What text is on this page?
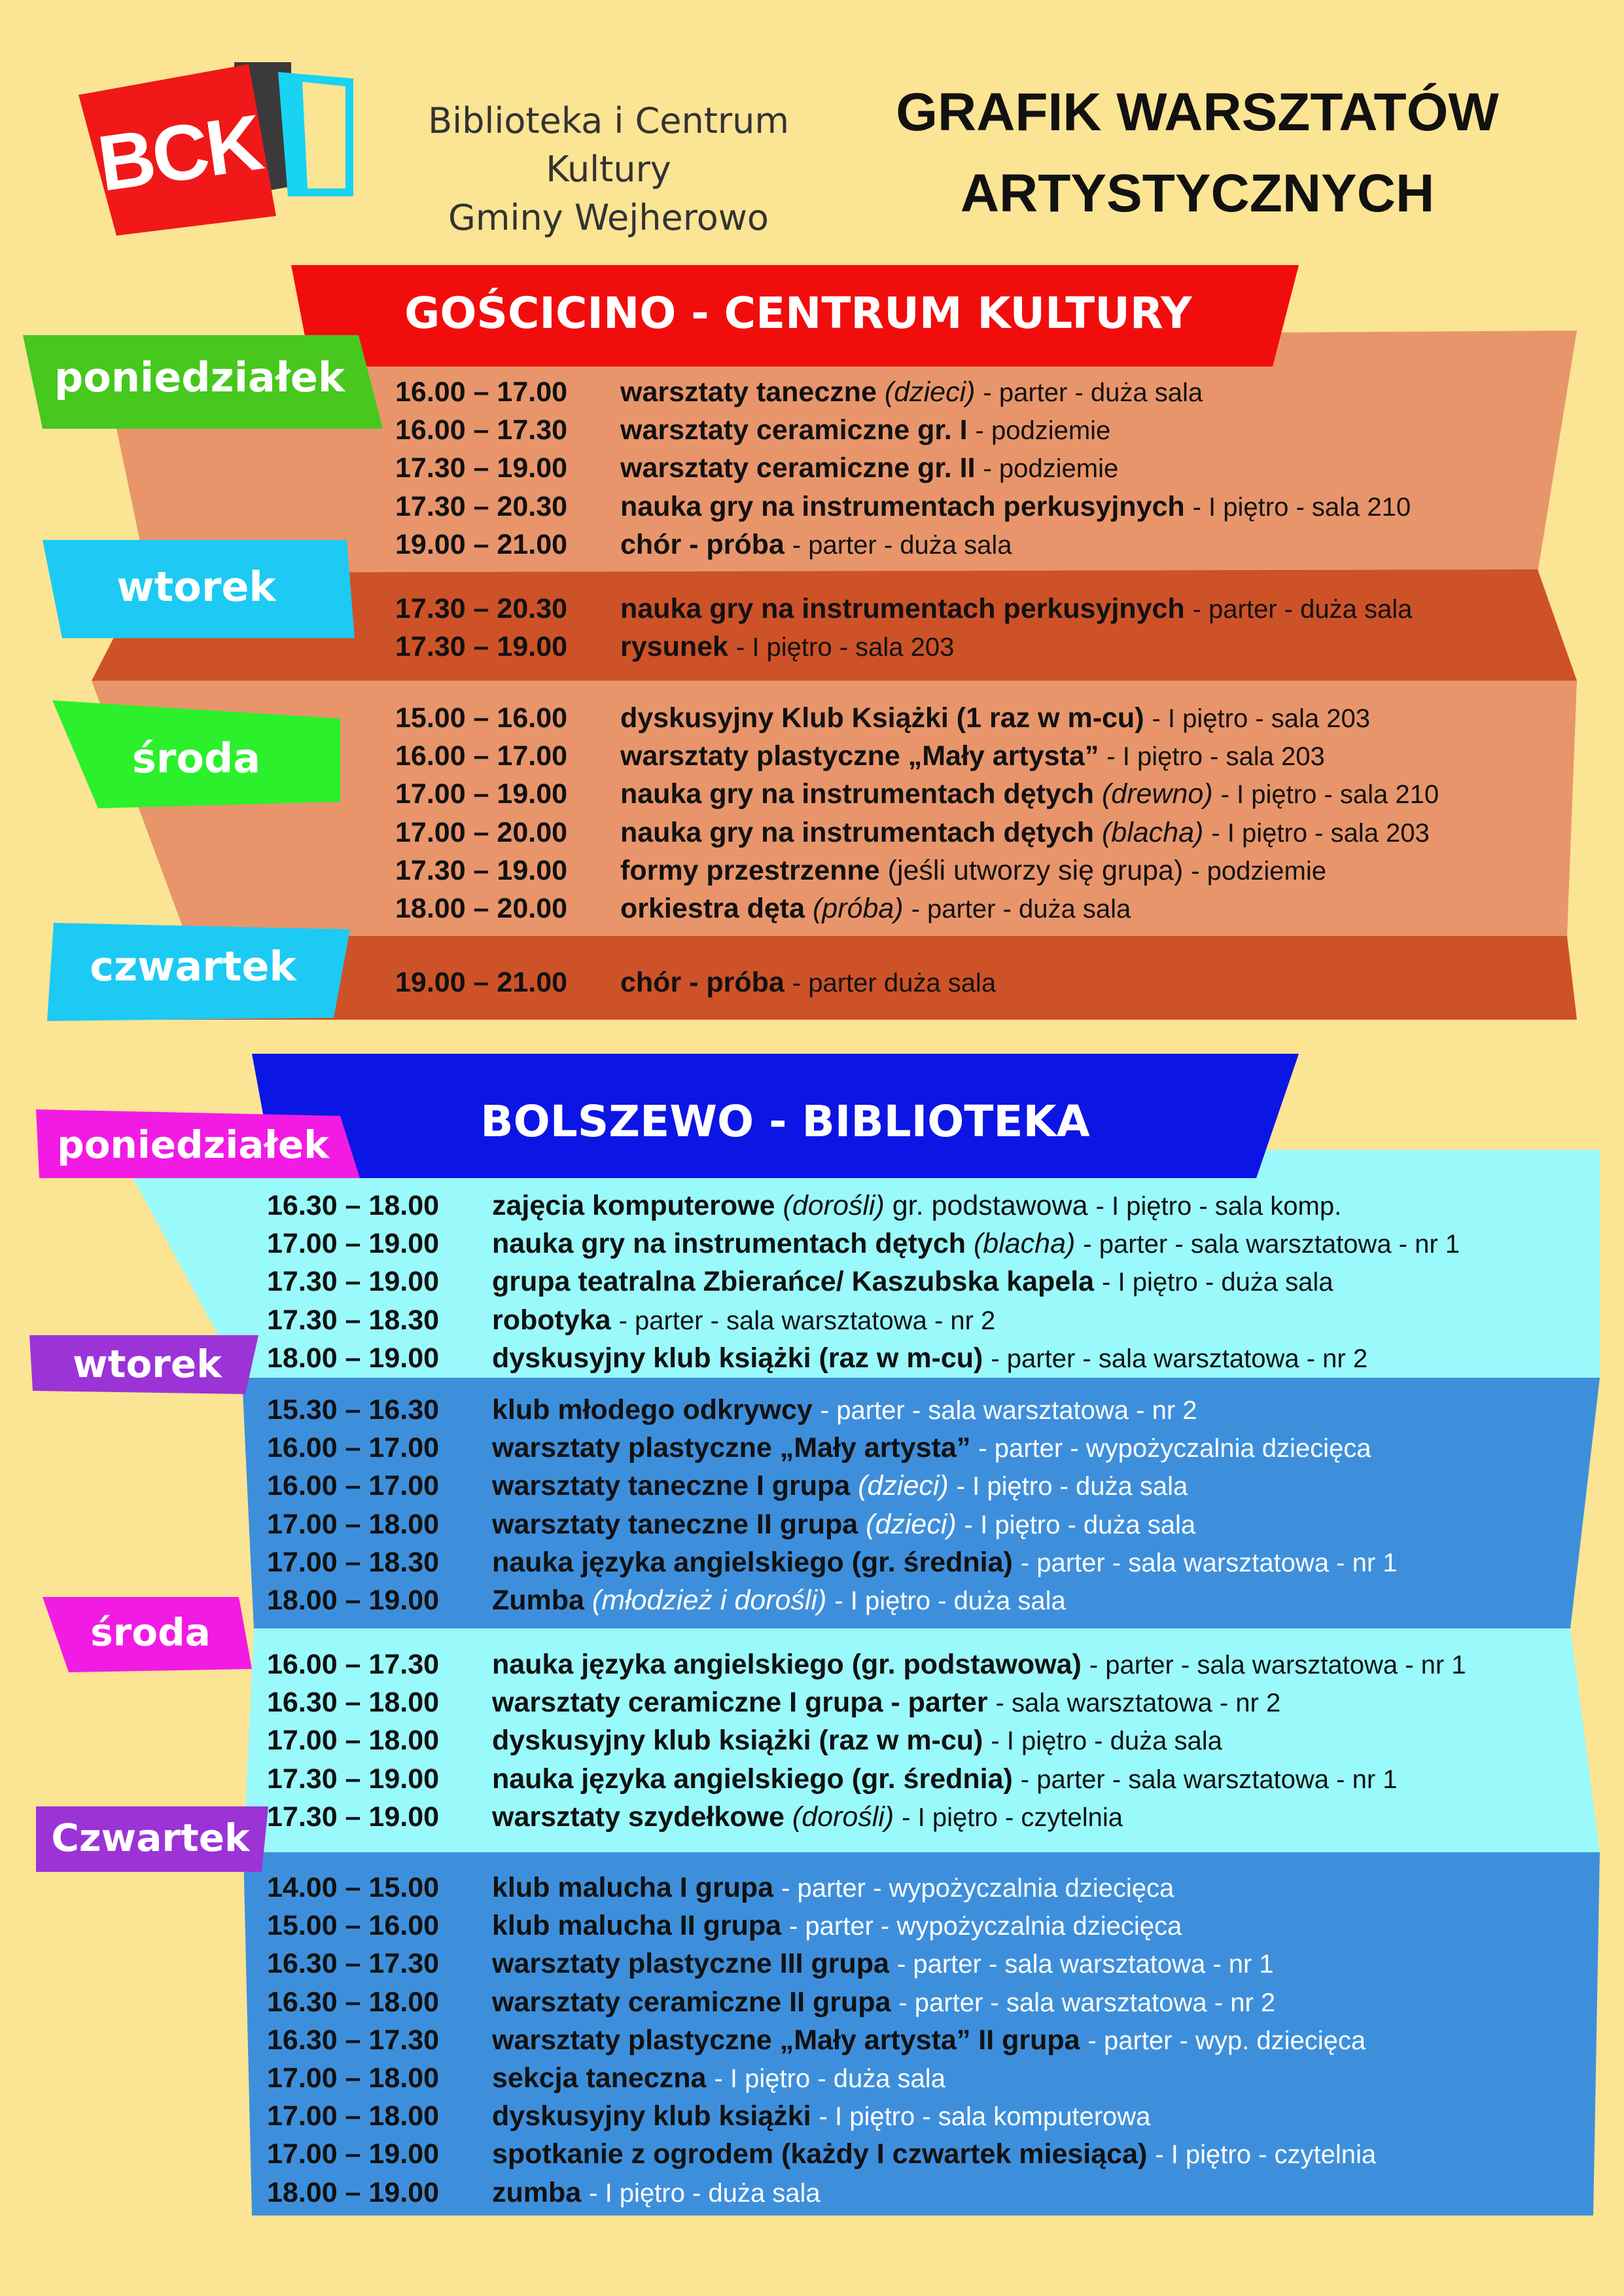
BCK	Biblioteka i Centrum Kultury
Gminy Wejherowo
GRAFIK WARSZTATÓW
ARTYSTYCZNYCH
GOŚCICINO - CENTRUM KULTURY
poniedziałek
wtorek
środa
czwartek
16.00 – 17.00 warsztaty taneczne (dzieci) - parter - duża sala
16.00 – 17.30 warsztaty ceramiczne gr. I - podziemie
17.30 – 19.00 warsztaty ceramiczne gr. II - podziemie
17.30 – 20.30 nauka gry na instrumentach perkusyjnych - I piętro - sala 210
19.00 – 21.00 chór - próba - parter - duża sala
17.30 – 20.30 nauka gry na instrumentach perkusyjnych - parter - duża sala
17.30 – 19.00 rysunek - I piętro - sala 203
15.00 – 16.00 dyskusyjny Klub Książki (1 raz w m-cu) - I piętro - sala 203
16.00 – 17.00 warsztaty plastyczne „Mały artysta” - I piętro - sala 203
17.00 – 19.00 nauka gry na instrumentach dętych (drewno) - I piętro - sala 210
17.00 – 20.00 nauka gry na instrumentach dętych (blacha) - I piętro - sala 203
17.30 – 19.00 formy przestrzenne (jeśli utworzy się grupa) - podziemie
18.00 – 20.00 orkiestra dęta (próba) - parter - duża sala
19.00 – 21.00 chór - próba - parter duża sala
BOLSZEWO - BIBLIOTEKA
poniedziałek
wtorek
środa
Czwartek
16.30 – 18.00 zajęcia komputerowe (dorośli) gr. podstawowa - I piętro - sala komp.
17.00 – 19.00 nauka gry na instrumentach dętych (blacha) - parter - sala warsztatowa - nr 1
17.30 – 19.00 grupa teatralna Zbierańce/ Kaszubska kapela - I piętro - duża sala
17.30 – 18.30 robotyka - parter - sala warsztatowa - nr 2
18.00 – 19.00 dyskusyjny klub książki (raz w m-cu) - parter - sala warsztatowa - nr 2
15.30 – 16.30 klub młodego odkrywcy - parter - sala warsztatowa - nr 2
16.00 – 17.00 warsztaty plastyczne „Mały artysta” - parter - wypożyczalnia dziecięca
16.00 – 17.00 warsztaty taneczne I grupa (dzieci) - I piętro - duża sala
17.00 – 18.00 warsztaty taneczne II grupa (dzieci) - I piętro - duża sala
17.00 – 18.30 nauka języka angielskiego (gr. średnia) - parter - sala warsztatowa - nr 1
18.00 – 19.00 Zumba (młodzież i dorośli) - I piętro - duża sala
16.00 – 17.30 nauka języka angielskiego (gr. podstawowa) - parter - sala warsztatowa - nr 1
16.30 – 18.00 warsztaty ceramiczne I grupa - parter - sala warsztatowa - nr 2
17.00 – 18.00 dyskusyjny klub książki (raz w m-cu) - I piętro - duża sala
17.30 – 19.00 nauka języka angielskiego (gr. średnia) - parter - sala warsztatowa - nr 1
17.30 – 19.00 warsztaty szydełkowe (dorośli) - I piętro - czytelnia
14.00 – 15.00 klub malucha I grupa - parter - wypożyczalnia dziecięca
15.00 – 16.00 klub malucha II grupa - parter - wypożyczalnia dziecięca
16.30 – 17.30 warsztaty plastyczne III grupa - parter - sala warsztatowa - nr 1
16.30 – 18.00 warsztaty ceramiczne II grupa - parter - sala warsztatowa - nr 2
16.30 – 17.30 warsztaty plastyczne „Mały artysta” II grupa - parter - wyp. dziecięca
17.00 – 18.00 sekcja taneczna - I piętro - duża sala
17.00 – 18.00 dyskusyjny klub książki - I piętro - sala komputerowa
17.00 – 19.00 spotkanie z ogrodem (każdy I czwartek miesiąca) - I piętro - czytelnia
18.00 – 19.00 zumba - I piętro - duża sala
